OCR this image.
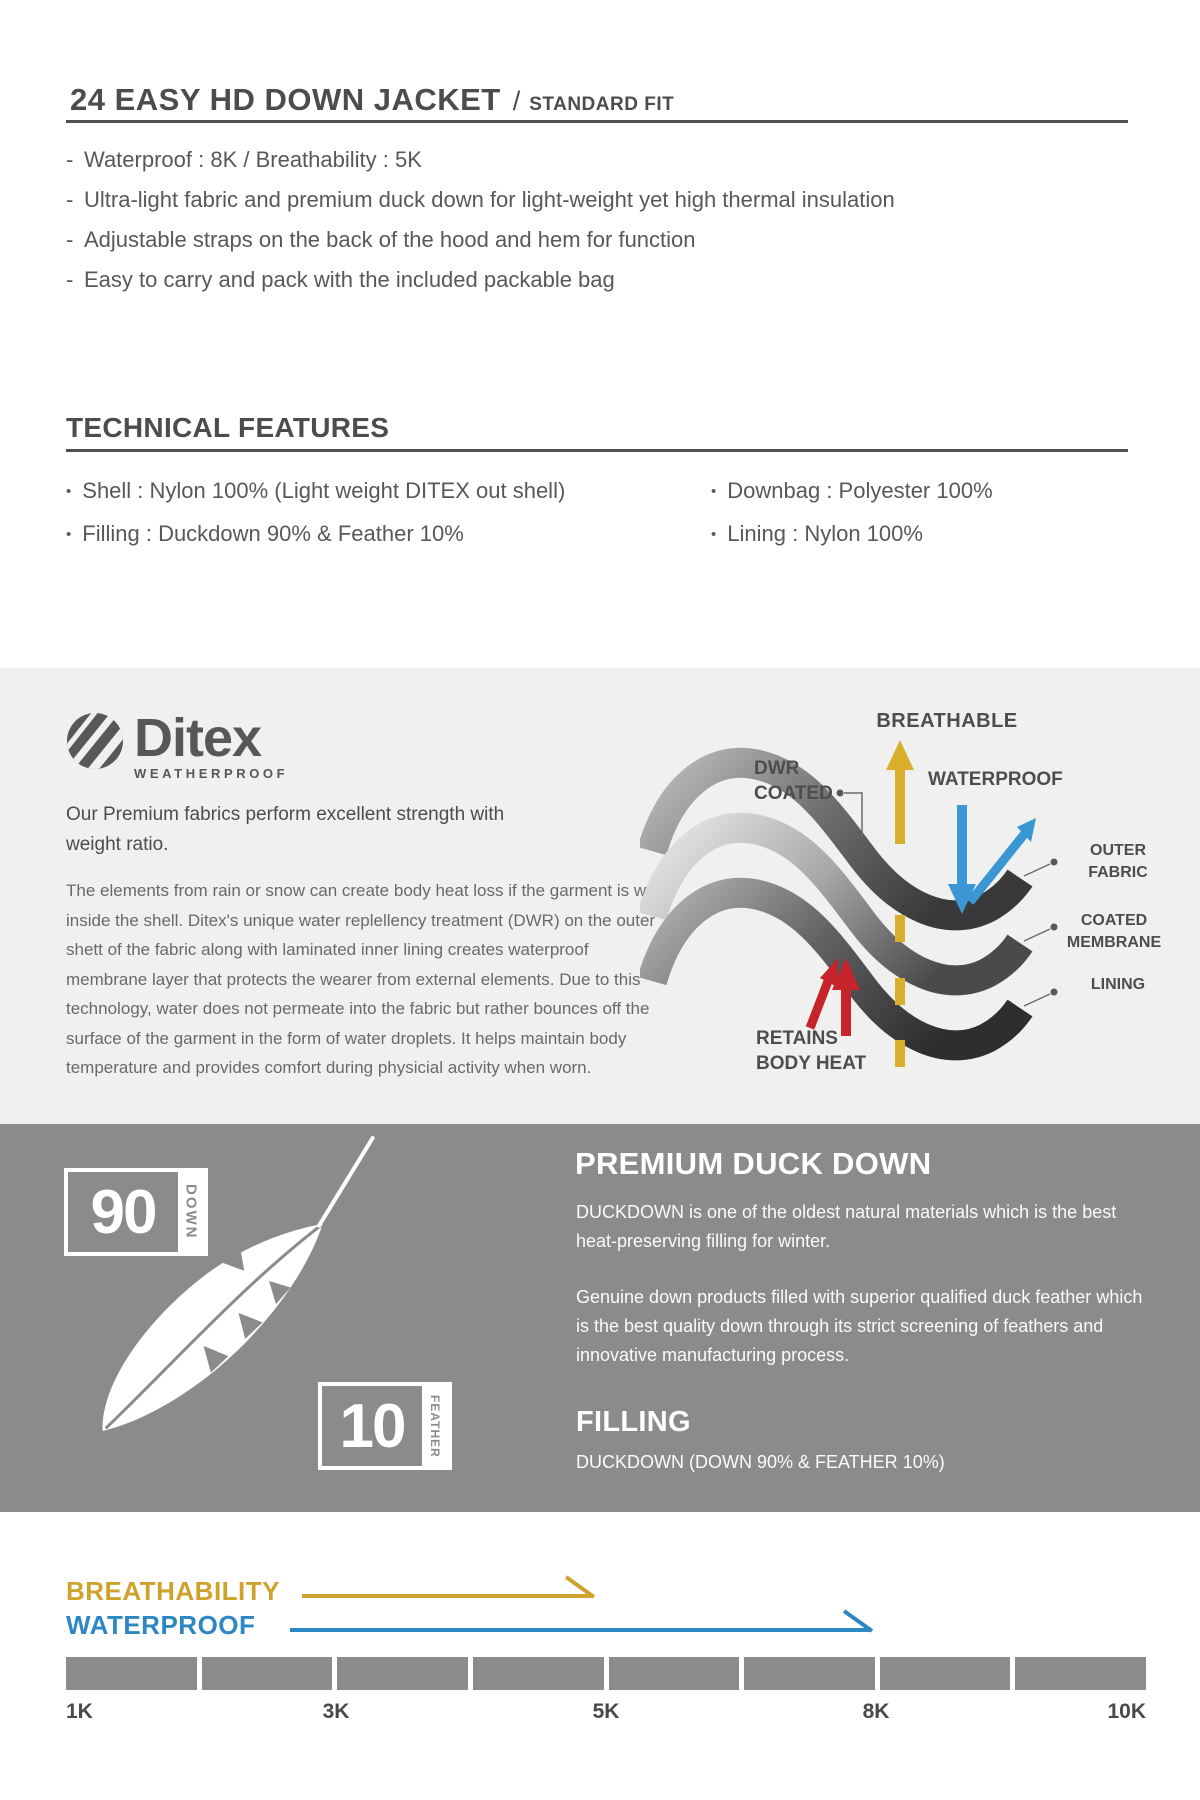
24 EASY HD DOWN JACKET / STANDARD FIT
- Waterproof : 8K / Breathability : 5K
- Ultra-light fabric and premium duck down for light-weight yet high thermal insulation
- Adjustable straps on the back of the hood and hem for function
- Easy to carry and pack with the included packable bag
TECHNICAL FEATURES
• Shell : Nylon 100% (Light weight DITEX out shell)
• Filling : Duckdown 90% & Feather 10%
• Downbag : Polyester 100%
• Lining : Nylon 100%
Ditex
WEATHERPROOF
Our Premium fabrics perform excellent strength with weight ratio.
The elements from rain or snow can create body heat loss if the garment is wet inside the shell. Ditex's unique water replellency treatment (DWR) on the outer shett of the fabric along with laminated inner lining creates waterproof membrane layer that protects the wearer from external elements. Due to this technology, water does not permeate into the fabric but rather bounces off the surface of the garment in the form of water droplets. It helps maintain body temperature and provides comfort during physicial activity when worn.
BREATHABLE
DWR COATED
WATERPROOF
OUTER FABRIC
COATED MEMBRANE
LINING
RETAINS BODY HEAT
90	DOWN
10	FEATHER
PREMIUM DUCK DOWN
DUCKDOWN is one of the oldest natural materials which is the best heat-preserving filling for winter.
Genuine down products filled with superior qualified duck feather which is the best quality down through its strict screening of feathers and innovative manufacturing process.
FILLING
DUCKDOWN (DOWN 90% & FEATHER 10%)
BREATHABILITY
WATERPROOF
1K	3K	5K	8K	10K
